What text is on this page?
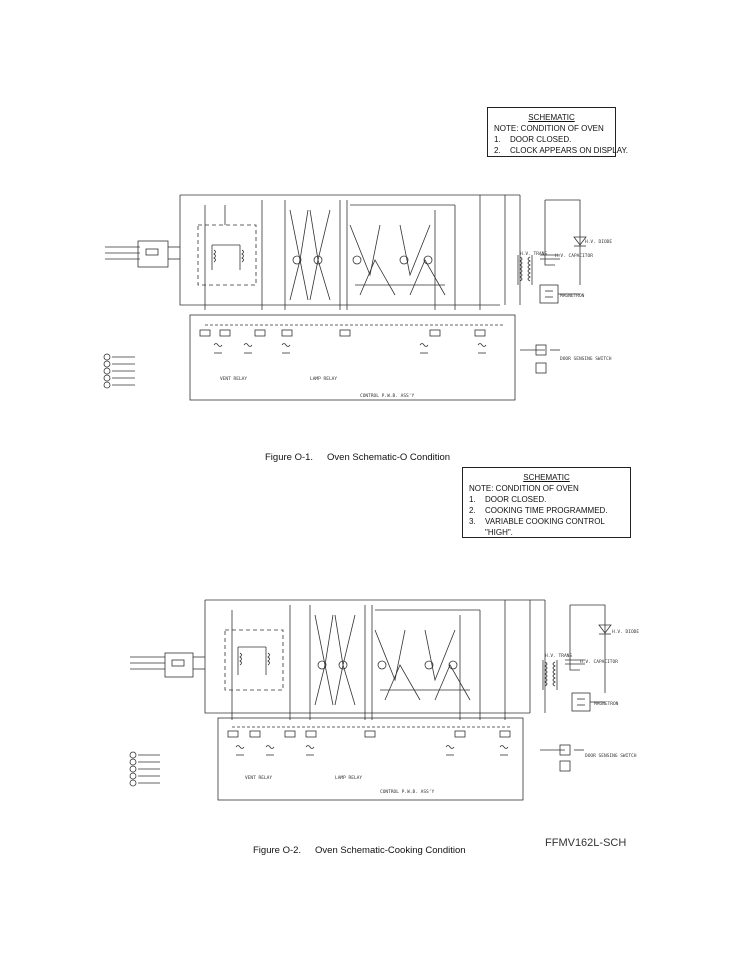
SCHEMATIC
NOTE: CONDITION OF OVEN
1. DOOR CLOSED.
2. CLOCK APPEARS ON DISPLAY.
CONTROL P.W.B. ASS'Y
LAMP RELAY
VENT RELAY
H.V. TRANS H.V. CAPACITOR
H.V. DIODE
MAGNETRON
DOOR SENSING SWITCH
Figure O-1. Oven Schematic-O Condition
SCHEMATIC
NOTE: CONDITION OF OVEN
1. DOOR CLOSED.
2. COOKING TIME PROGRAMMED.
3. VARIABLE COOKING CONTROL
"HIGH".
CONTROL P.W.B. ASS'Y
LAMP RELAY
VENT RELAY
H.V. TRANS
H.V. CAPACITOR
H.V. DIODE
MAGNETRON
DOOR SENSING SWITCH
Figure O-2. Oven Schematic-Cooking Condition
FFMV162L-SCH
